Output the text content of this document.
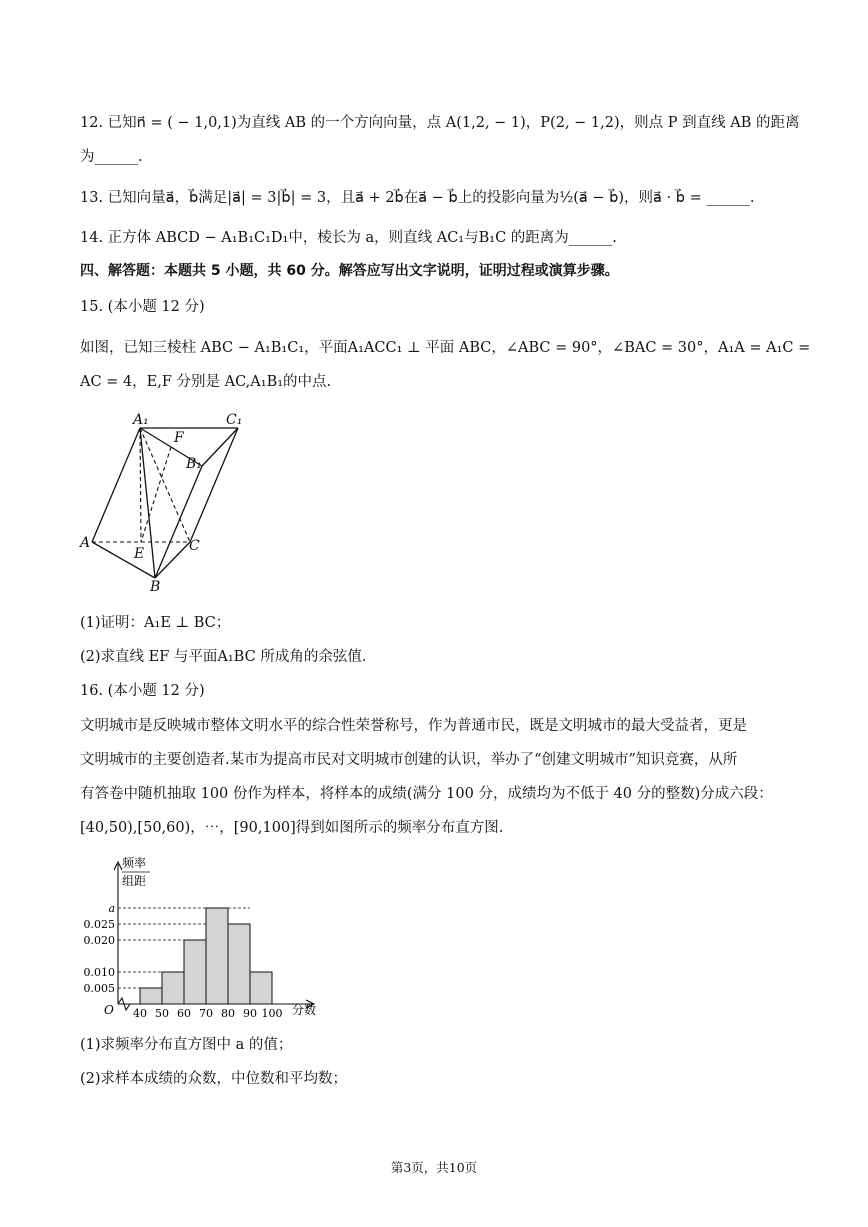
12. 已知n⃗ = ( − 1,0,1)为直线 AB 的一个方向向量，点 A(1,2, − 1)，P(2, − 1,2)，则点 P 到直线 AB 的距离
为______.
13. 已知向量a⃗，b⃗满足|a⃗| = 3|b⃗| = 3，且a⃗ + 2b⃗在a⃗ − b⃗上的投影向量为½(a⃗ − b⃗)，则a⃗ · b⃗ = ______.
14. 正方体 ABCD − A₁B₁C₁D₁中，棱长为 a，则直线 AC₁与B₁C 的距离为______.
四、解答题：本题共 5 小题，共 60 分。解答应写出文字说明，证明过程或演算步骤。
15. (本小题 12 分)
如图，已知三棱柱 ABC − A₁B₁C₁，平面A₁ACC₁ ⊥ 平面 ABC，∠ABC = 90°，∠BAC = 30°，A₁A = A₁C =
AC = 4，E,F 分别是 AC,A₁B₁的中点.
A₁	C₁
F
B₁
A
E	C
B
(1)证明：A₁E ⊥ BC；
(2)求直线 EF 与平面A₁BC 所成角的余弦值.
16. (本小题 12 分)
文明城市是反映城市整体文明水平的综合性荣誉称号，作为普通市民，既是文明城市的最大受益者，更是
文明城市的主要创造者.某市为提高市民对文明城市创建的认识，举办了“创建文明城市”知识竞赛，从所
有答卷中随机抽取 100 份作为样本，将样本的成绩(满分 100 分，成绩均为不低于 40 分的整数)分成六段：
[40,50),[50,60)，⋯，[90,100]得到如图所示的频率分布直方图.
频率
组距
O	分数
0.005
0.010
0.020
0.025
a
40 50 60 70 80 90 100
(1)求频率分布直方图中 a 的值；
(2)求样本成绩的众数，中位数和平均数；
第3页，共10页
